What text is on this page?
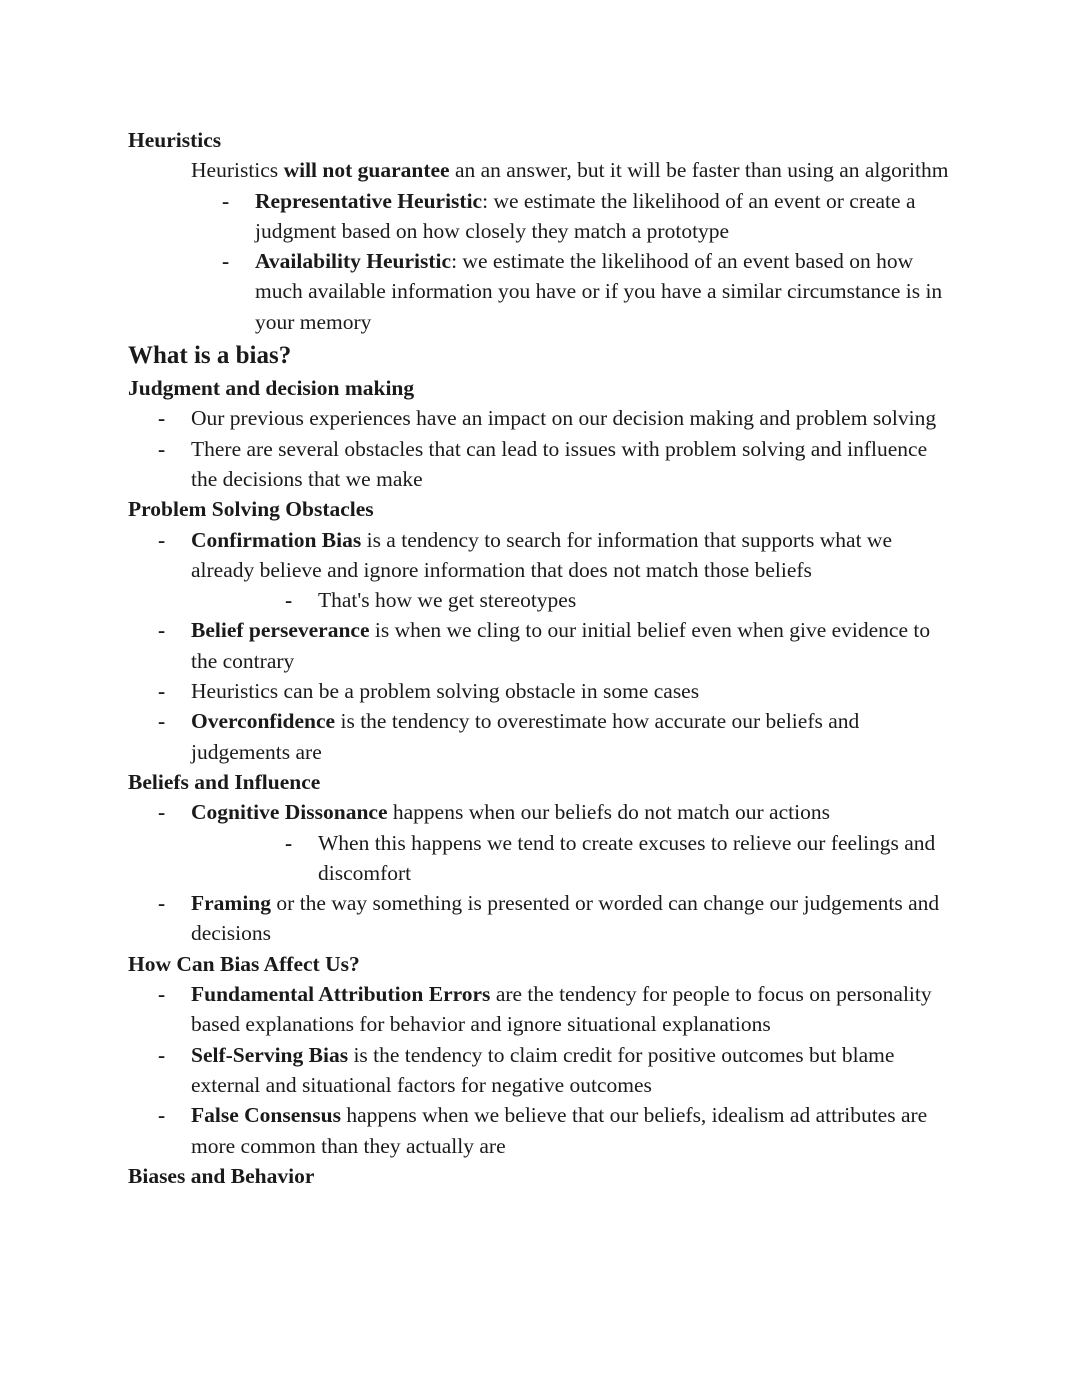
Heuristics

Heuristics will not guarantee an an answer, but it will be faster than using an algorithm

- Representative Heuristic: we estimate the likelihood of an event or create a judgment based on how closely they match a prototype
- Availability Heuristic: we estimate the likelihood of an event based on how much available information you have or if you have a similar circumstance is in your memory

What is a bias?

Judgment and decision making

- Our previous experiences have an impact on our decision making and problem solving
- There are several obstacles that can lead to issues with problem solving and influence the decisions that we make

Problem Solving Obstacles

- Confirmation Bias is a tendency to search for information that supports what we already believe and ignore information that does not match those beliefs
- That's how we get stereotypes
- Belief perseverance is when we cling to our initial belief even when give evidence to the contrary
- Heuristics can be a problem solving obstacle in some cases
- Overconfidence is the tendency to overestimate how accurate our beliefs and judgements are

Beliefs and Influence

- Cognitive Dissonance happens when our beliefs do not match our actions
- When this happens we tend to create excuses to relieve our feelings and discomfort
- Framing or the way something is presented or worded can change our judgements and decisions

How Can Bias Affect Us?

- Fundamental Attribution Errors are the tendency for people to focus on personality based explanations for behavior and ignore situational explanations
- Self-Serving Bias is the tendency to claim credit for positive outcomes but blame external and situational factors for negative outcomes
- False Consensus happens when we believe that our beliefs, idealism ad attributes are more common than they actually are

Biases and Behavior
